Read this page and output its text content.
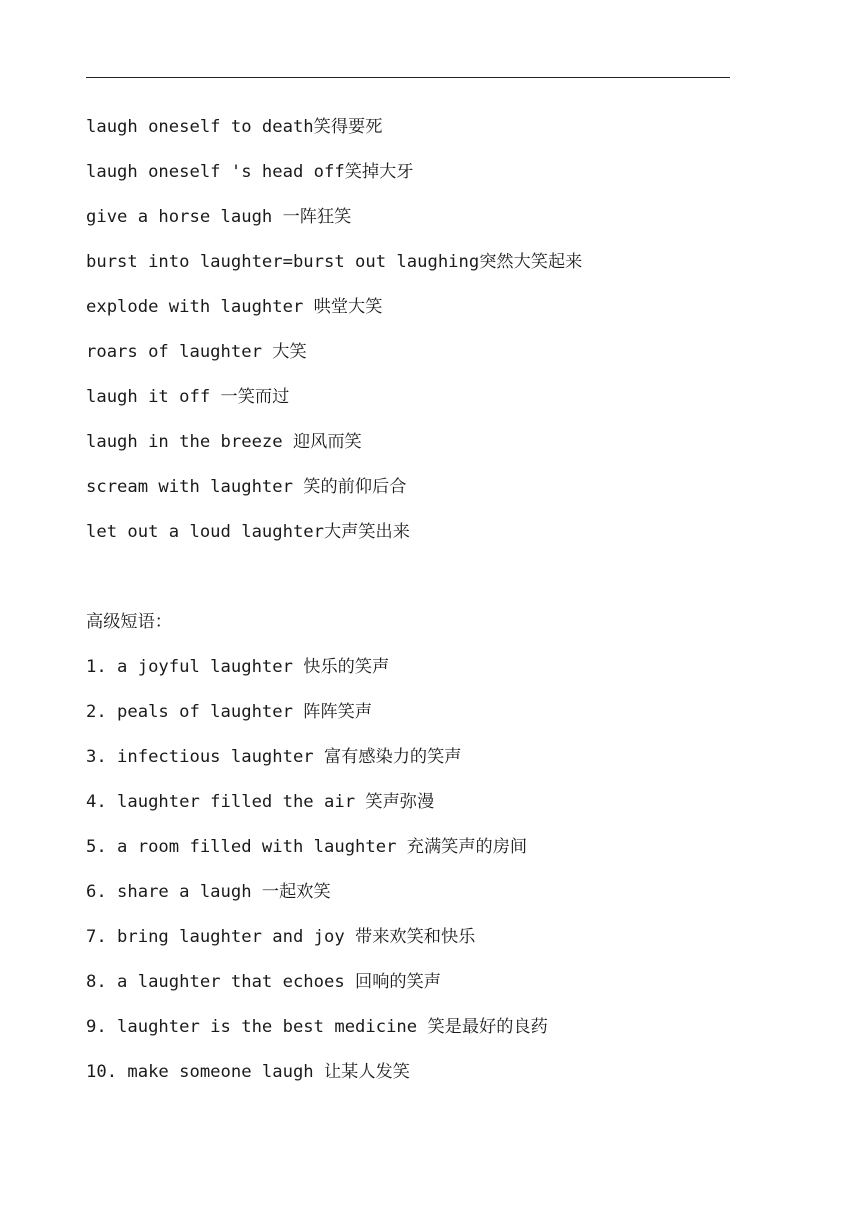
laugh oneself to death笑得要死
laugh oneself 's head off笑掉大牙
give a horse laugh 一阵狂笑
burst into laughter=burst out laughing突然大笑起来
explode with laughter 哄堂大笑
roars of laughter 大笑
laugh it off 一笑而过
laugh in the breeze 迎风而笑
scream with laughter 笑的前仰后合
let out a loud laughter大声笑出来
高级短语：
1. a joyful laughter 快乐的笑声
2. peals of laughter 阵阵笑声
3. infectious laughter 富有感染力的笑声
4. laughter filled the air 笑声弥漫
5. a room filled with laughter 充满笑声的房间
6. share a laugh 一起欢笑
7. bring laughter and joy 带来欢笑和快乐
8. a laughter that echoes 回响的笑声
9. laughter is the best medicine 笑是最好的良药
10. make someone laugh 让某人发笑
